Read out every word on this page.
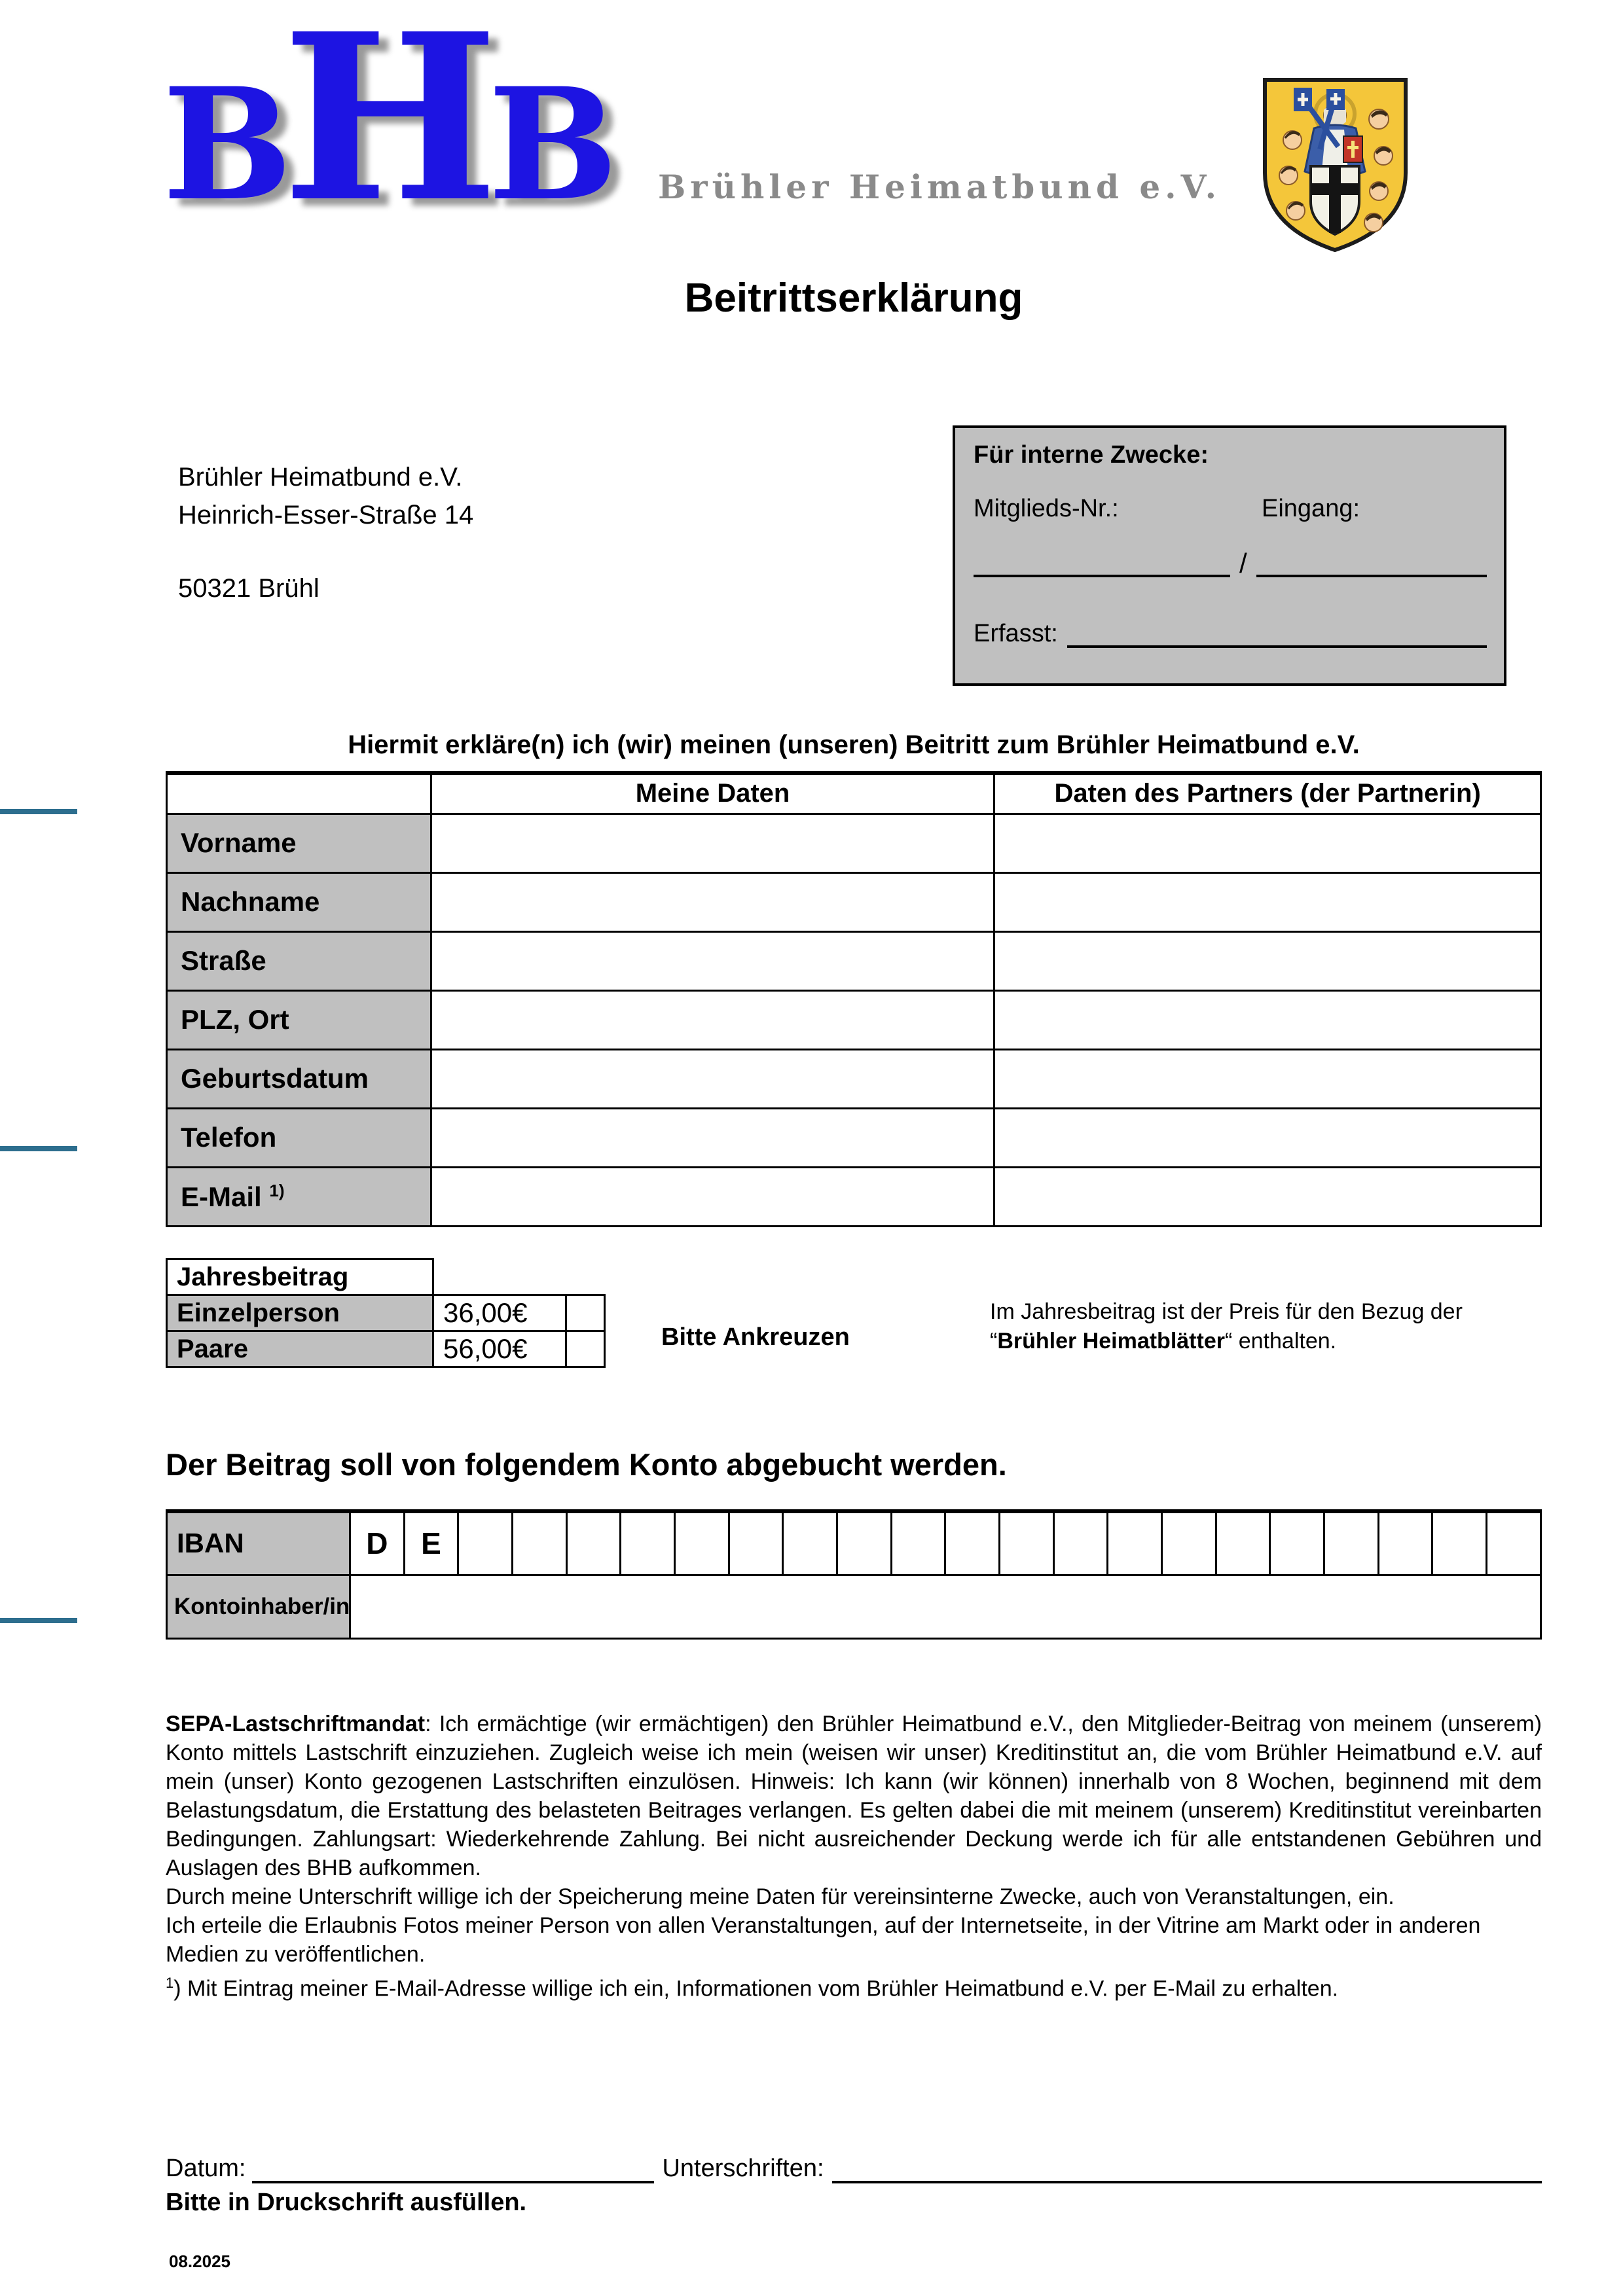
B H B Brühler Heimatbund e.V.
Beitrittserklärung
Brühler Heimatbund e.V.
Heinrich-Esser-Straße 14
50321 Brühl
Für interne Zwecke:
Mitglieds-Nr.:	Eingang:
/
Erfasst:
Hiermit erkläre(n) ich (wir) meinen (unseren) Beitritt zum Brühler Heimatbund e.V.
	Meine Daten	Daten des Partners (der Partnerin)
Vorname		
Nachname		
Straße		
PLZ, Ort		
Geburtsdatum		
Telefon		
E-Mail $^{1)}$		
Jahresbeitrag
Einzelperson	36,00€
Paare	56,00€	Bitte Ankreuzen
Im Jahresbeitrag ist der Preis für den Bezug der “Brühler Heimatblätter“ enthalten.
Der Beitrag soll von folgendem Konto abgebucht werden.
IBAN	D	E																				
Kontoinhaber/in																						

SEPA-Lastschriftmandat: Ich ermächtige (wir ermächtigen) den Brühler Heimatbund e.V., den Mitglieder-Beitrag von meinem (unserem) Konto mittels Lastschrift einzuziehen. Zugleich weise ich mein (weisen wir unser) Kreditinstitut an, die vom Brühler Heimatbund e.V. auf mein (unser) Konto gezogenen Lastschriften einzulösen. Hinweis: Ich kann (wir können) innerhalb von 8 Wochen, beginnend mit dem Belastungsdatum, die Erstattung des belasteten Beitrages verlangen. Es gelten dabei die mit meinem (unserem) Kreditinstitut vereinbarten Bedingungen. Zahlungsart: Wiederkehrende Zahlung. Bei nicht ausreichender Deckung werde ich für alle entstandenen Gebühren und Auslagen des BHB aufkommen.

Durch meine Unterschrift willige ich der Speicherung meine Daten für vereinsinterne Zwecke, auch von Veranstaltungen, ein.

Ich erteile die Erlaubnis Fotos meiner Person von allen Veranstaltungen, auf der Internetseite, in der Vitrine am Markt oder in anderen Medien zu veröffentlichen.

$^1$) Mit Eintrag meiner E-Mail-Adresse willige ich ein, Informationen vom Brühler Heimatbund e.V. per E-Mail zu erhalten.

Datum:	Unterschriften:
Bitte in Druckschrift ausfüllen.
08.2025
